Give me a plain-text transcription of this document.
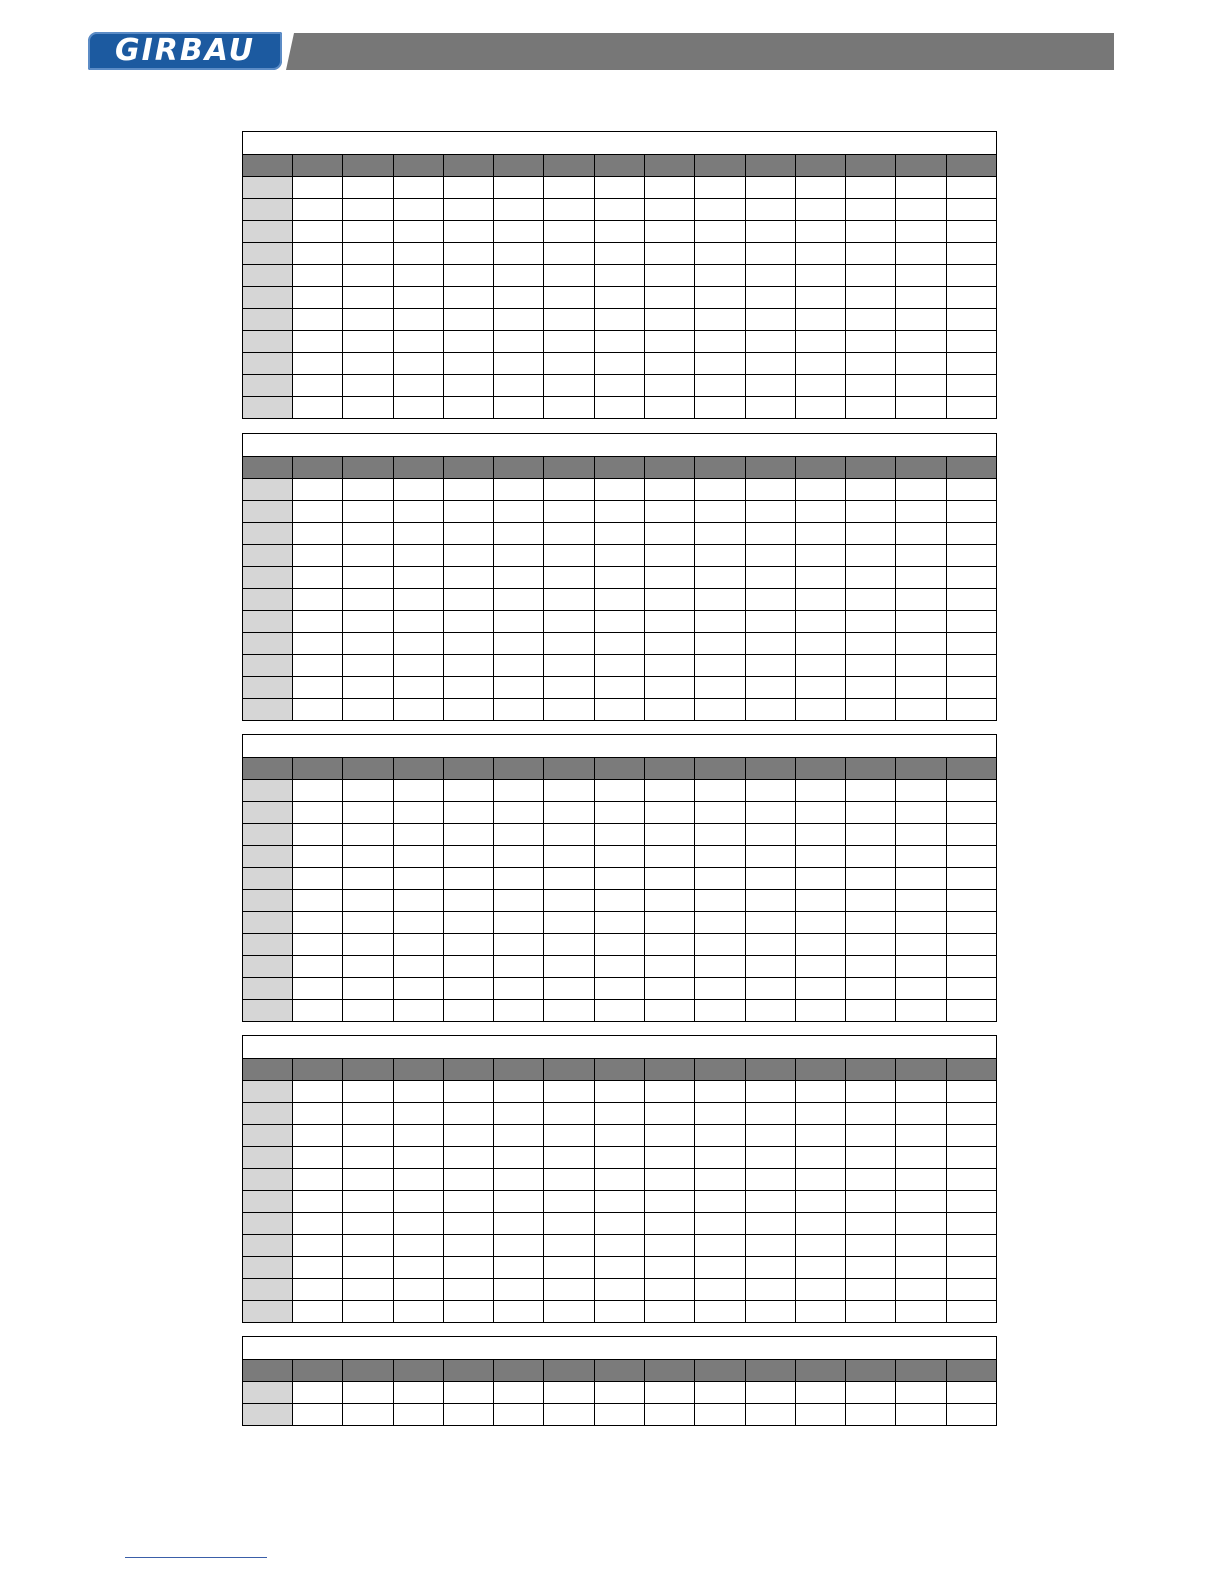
GIRBAU
